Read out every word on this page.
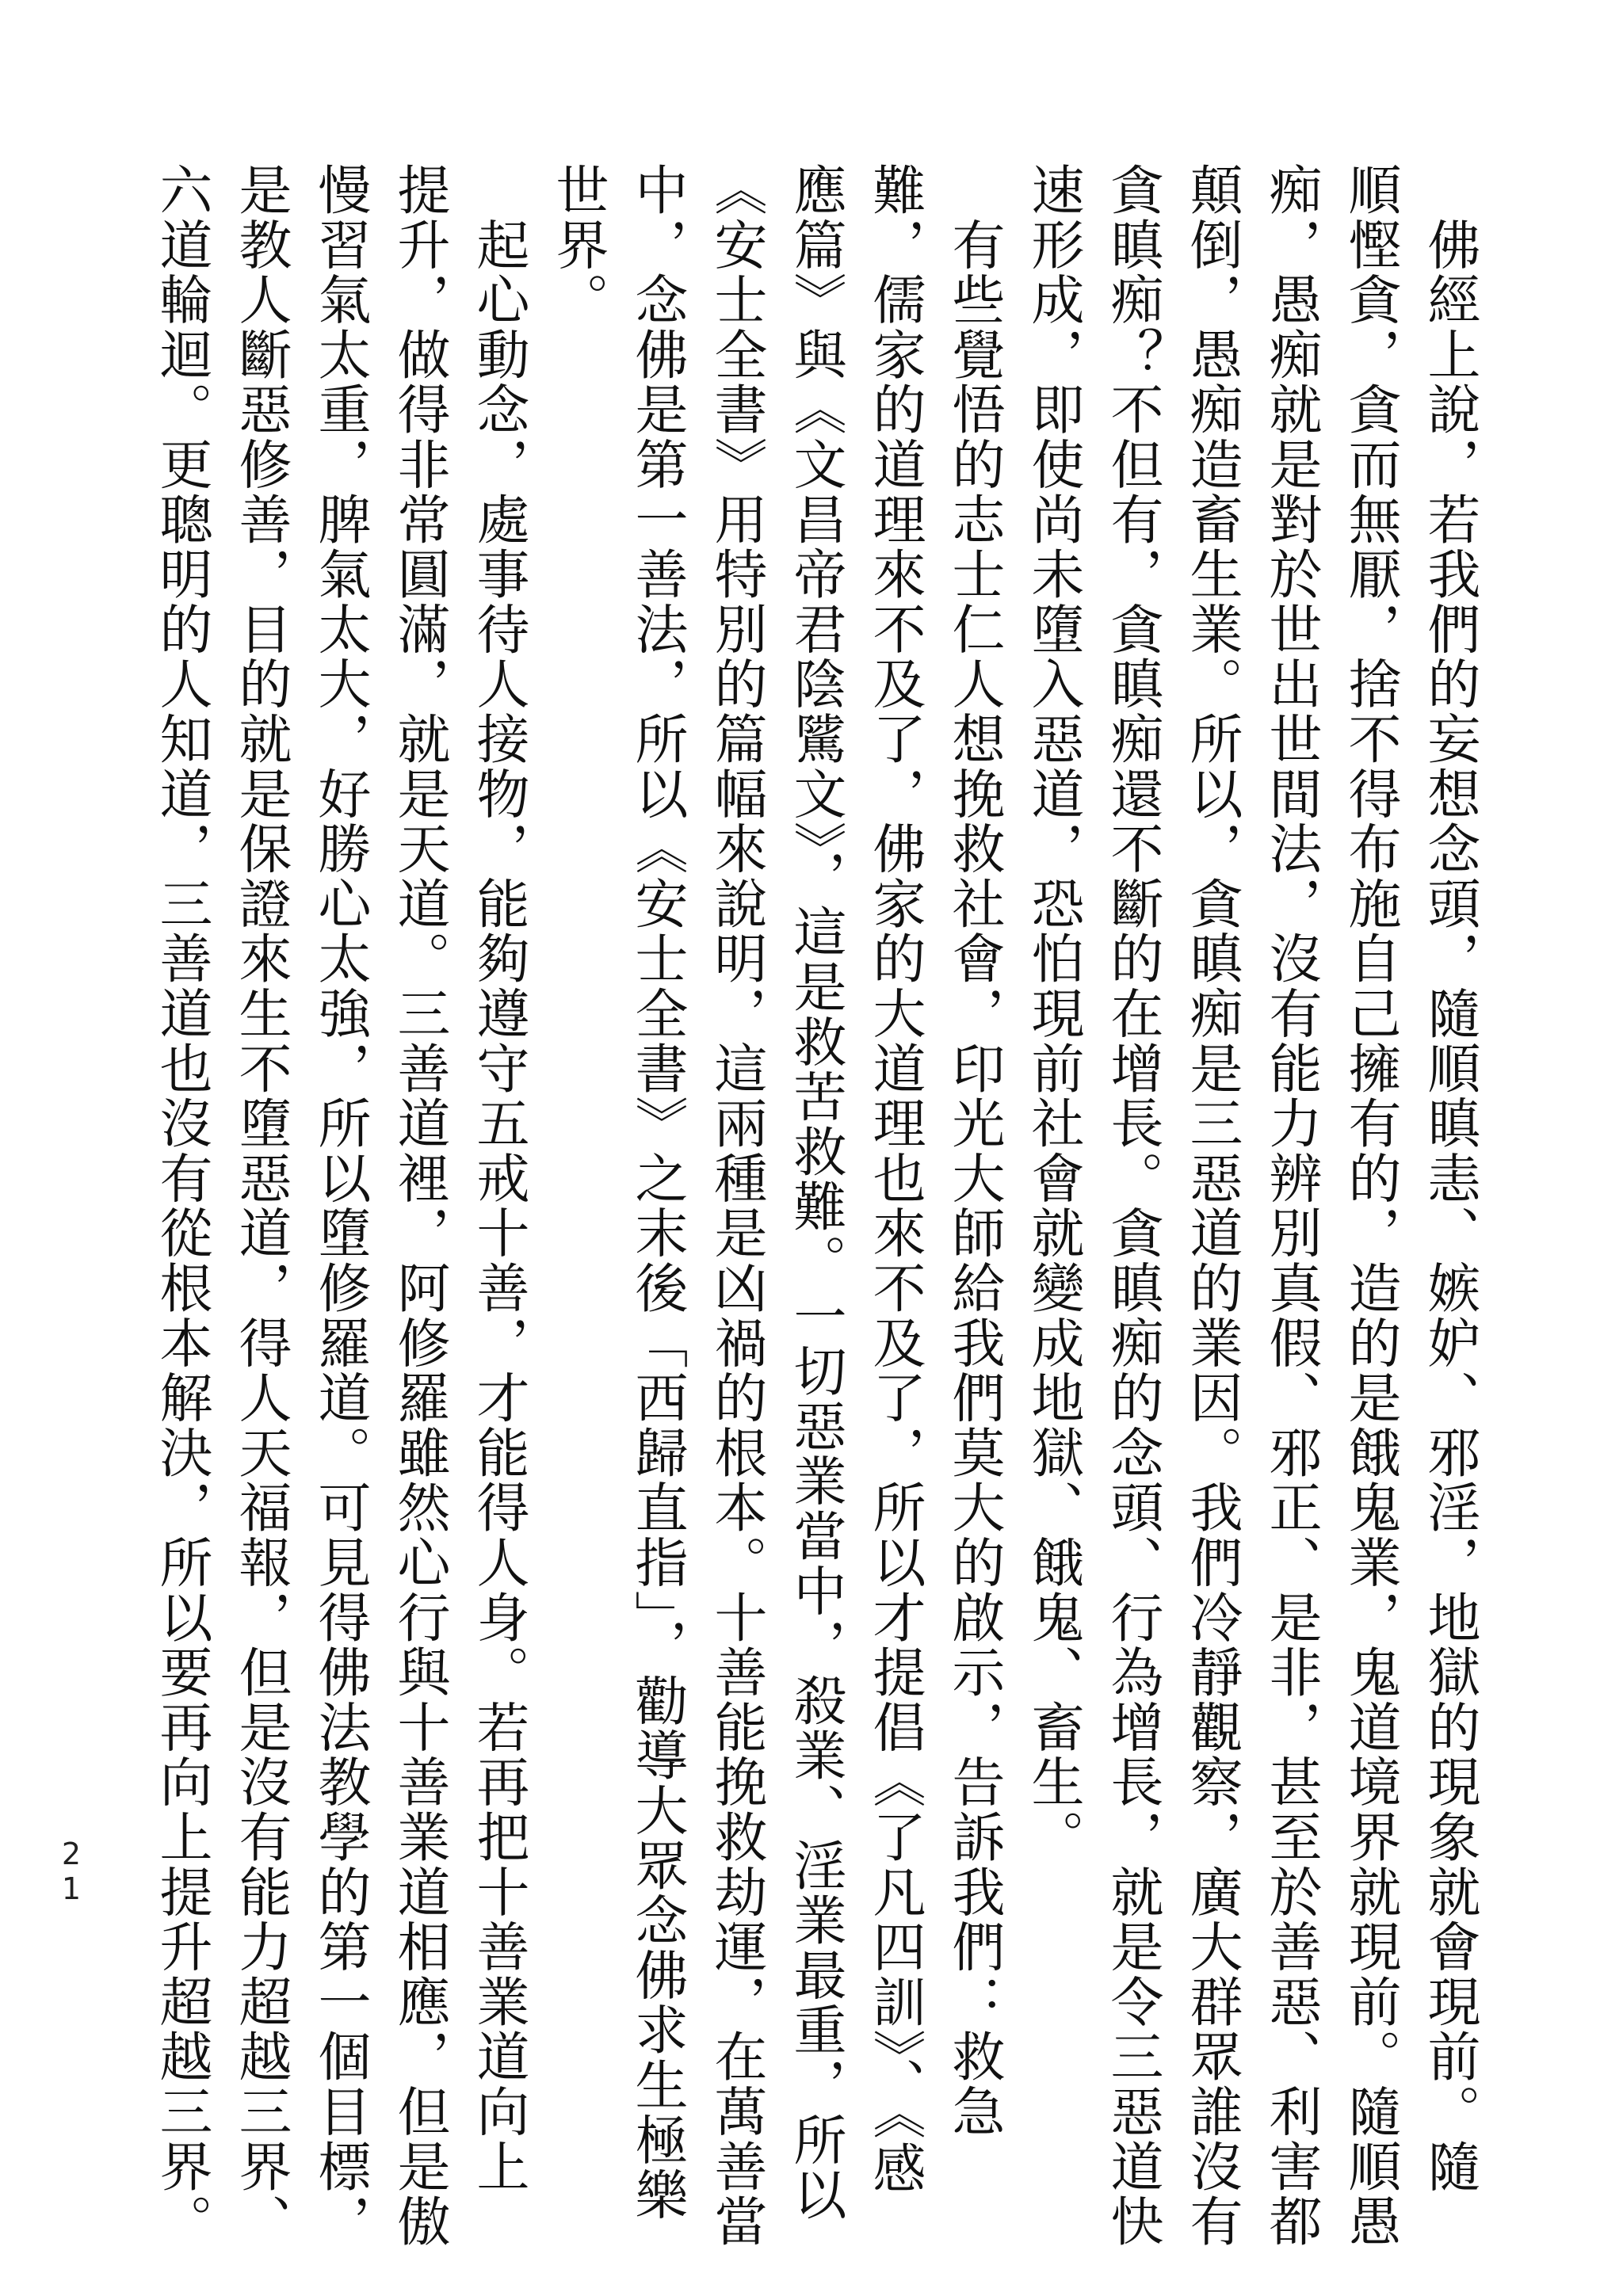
　佛經上說，若我們的妄想念頭，隨順瞋恚、嫉妒、邪淫，地獄的現象就會現前。隨
順慳貪，貪而無厭，捨不得布施自己擁有的，造的是餓鬼業，鬼道境界就現前。隨順愚
痴，愚痴就是對於世出世間法，沒有能力辨別真假、邪正、是非，甚至於善惡、利害都
顛倒，愚痴造畜生業。所以，貪瞋痴是三惡道的業因。我們冷靜觀察，廣大群眾誰沒有
貪瞋痴？不但有，貪瞋痴還不斷的在增長。貪瞋痴的念頭、行為增長，就是令三惡道快
速形成，即使尚未墮入惡道，恐怕現前社會就變成地獄、餓鬼、畜生。
　有些覺悟的志士仁人想挽救社會，印光大師給我們莫大的啟示，告訴我們：救急
難，儒家的道理來不及了，佛家的大道理也來不及了，所以才提倡《了凡四訓》、《感
應篇》與《文昌帝君陰騭文》，這是救苦救難。一切惡業當中，殺業、淫業最重，所以
《安士全書》用特別的篇幅來說明，這兩種是凶禍的根本。十善能挽救劫運，在萬善當
中，念佛是第一善法，所以《安士全書》之末後「西歸直指」，勸導大眾念佛求生極樂
世界。
　起心動念，處事待人接物，能夠遵守五戒十善，才能得人身。若再把十善業道向上
提升，做得非常圓滿，就是天道。三善道裡，阿修羅雖然心行與十善業道相應，但是傲
慢習氣太重，脾氣太大，好勝心太強，所以墮修羅道。可見得佛法教學的第一個目標，
是教人斷惡修善，目的就是保證來生不墮惡道，得人天福報，但是沒有能力超越三界、
六道輪迴。更聰明的人知道，三善道也沒有從根本解決，所以要再向上提升超越三界。
21
